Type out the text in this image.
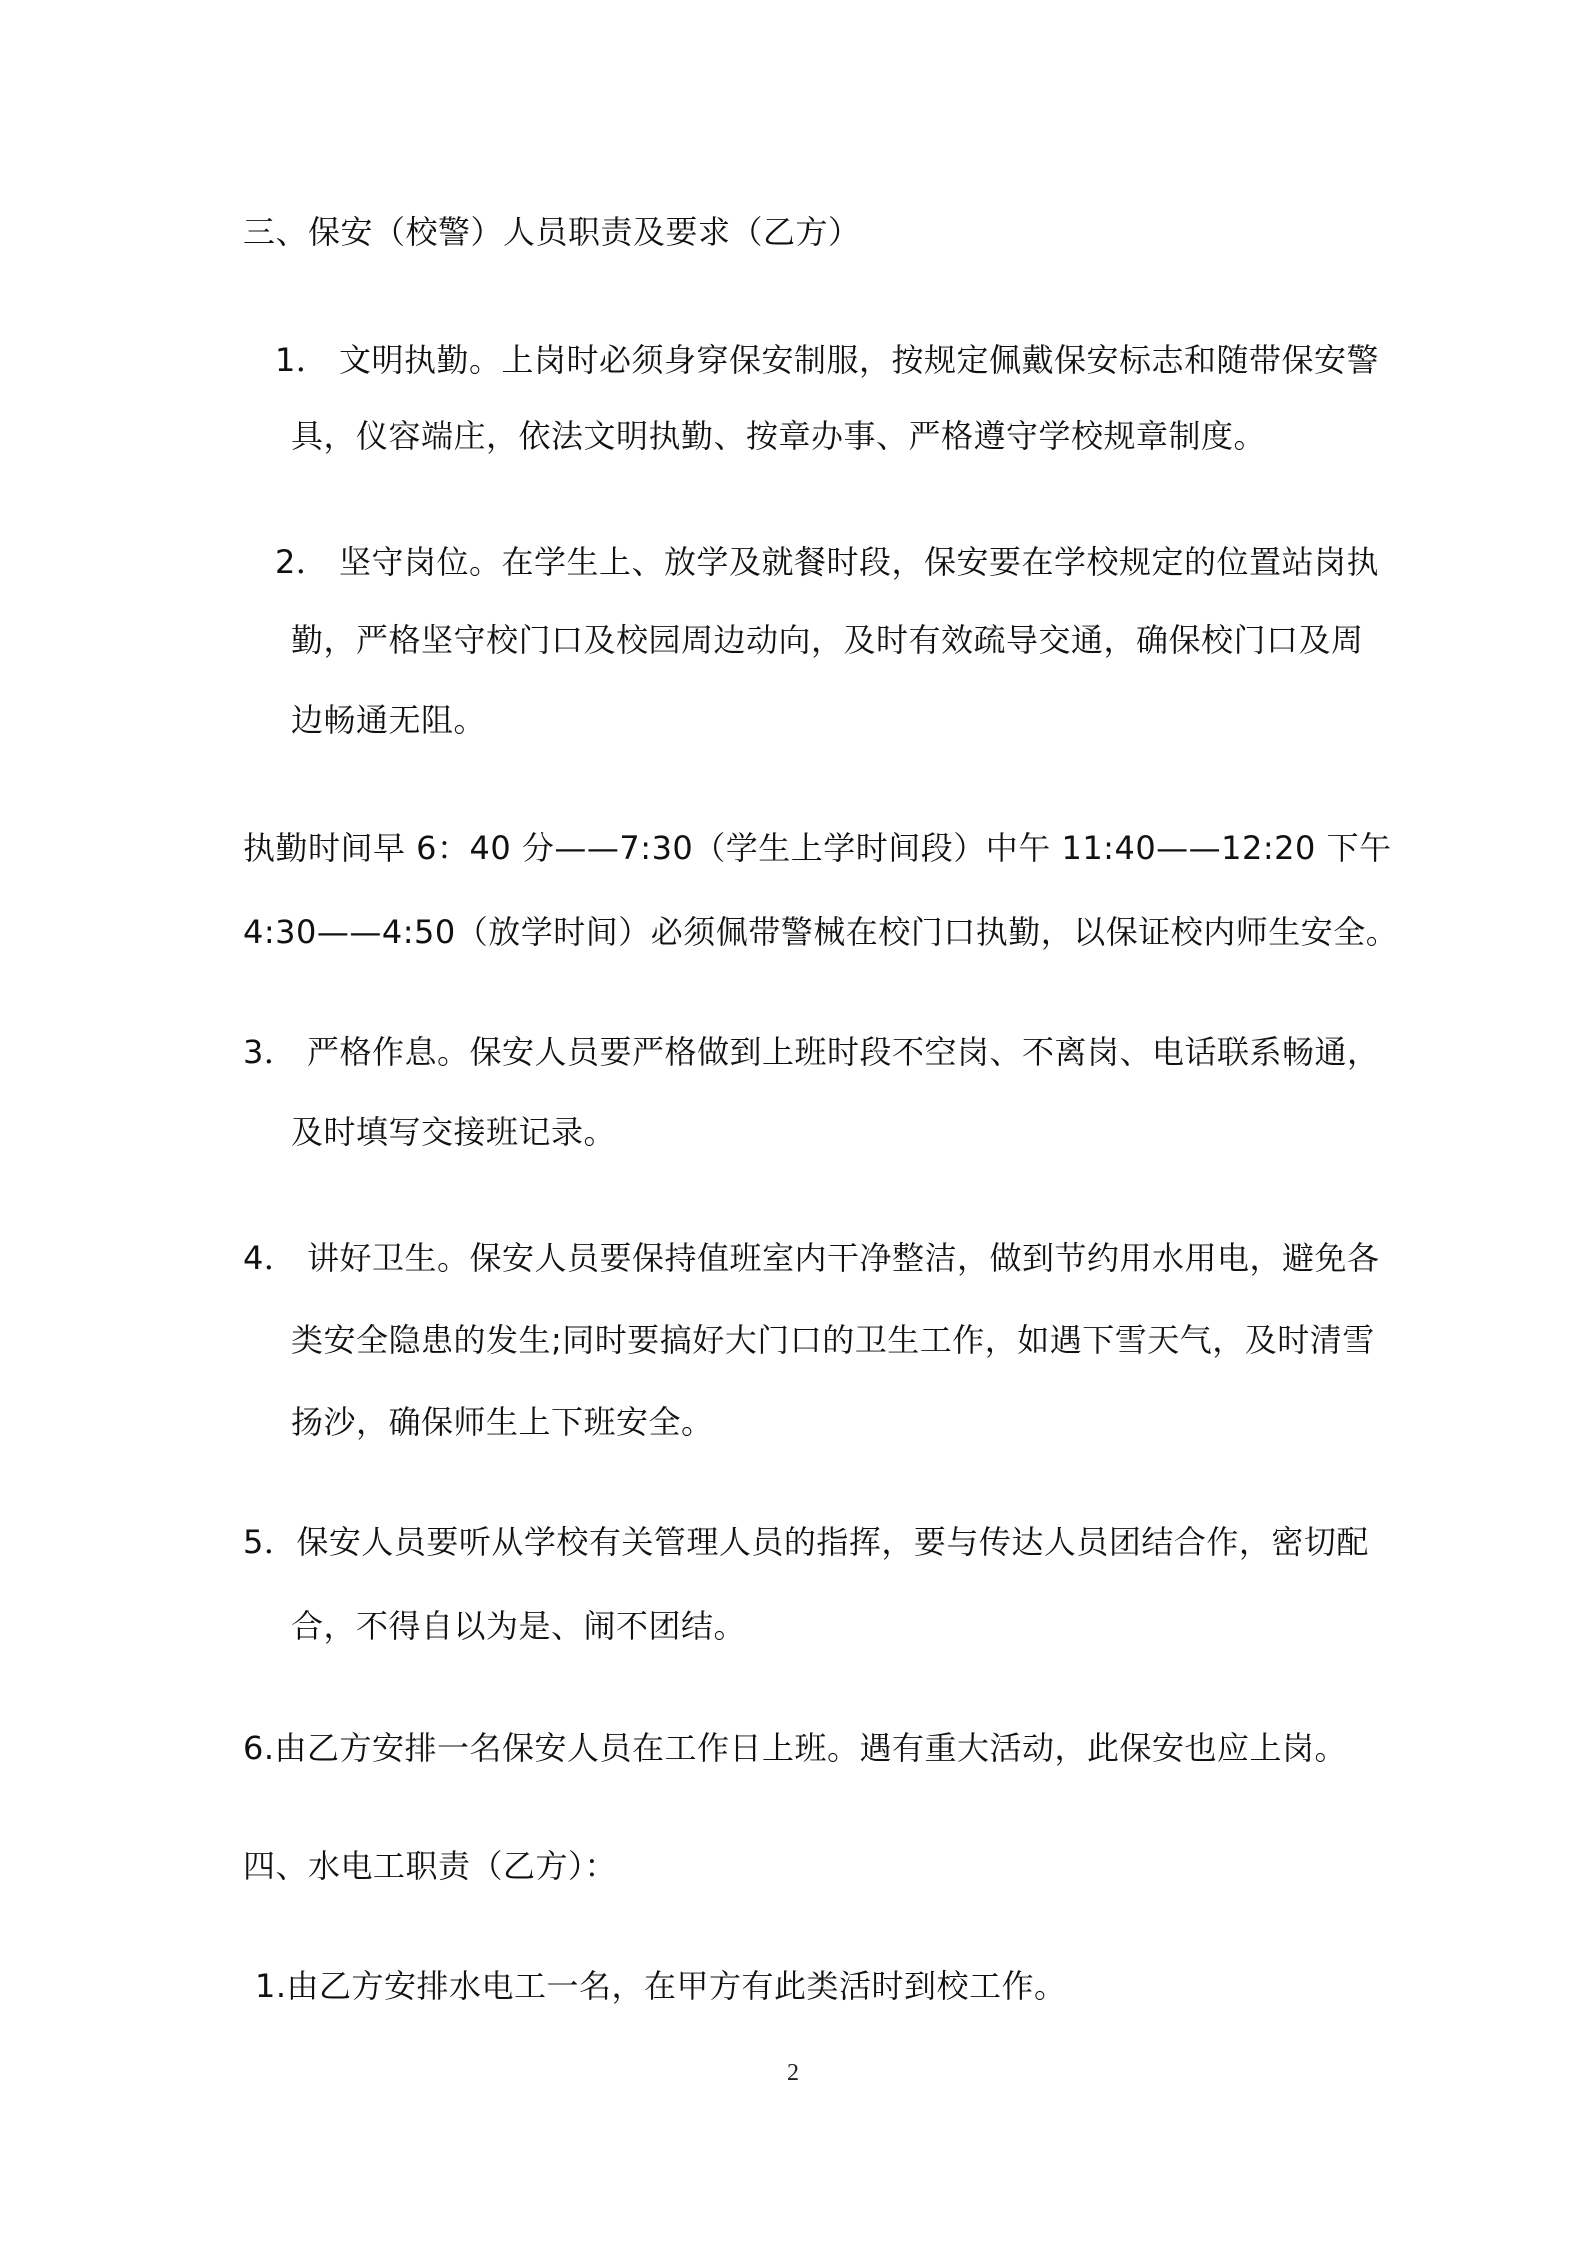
三、保安（校警）人员职责及要求（乙方）
1． 文明执勤。上岗时必须身穿保安制服，按规定佩戴保安标志和随带保安警
具，仪容端庄，依法文明执勤、按章办事、严格遵守学校规章制度。
2． 坚守岗位。在学生上、放学及就餐时段，保安要在学校规定的位置站岗执
勤，严格坚守校门口及校园周边动向，及时有效疏导交通，确保校门口及周
边畅通无阻。
执勤时间早 6：40 分——7:30（学生上学时间段）中午 11:40——12:20 下午
4:30——4:50（放学时间）必须佩带警械在校门口执勤，以保证校内师生安全。
3． 严格作息。保安人员要严格做到上班时段不空岗、不离岗、电话联系畅通，
及时填写交接班记录。
4． 讲好卫生。保安人员要保持值班室内干净整洁，做到节约用水用电，避免各
类安全隐患的发生;同时要搞好大门口的卫生工作，如遇下雪天气，及时清雪
扬沙，确保师生上下班安全。
5．保安人员要听从学校有关管理人员的指挥，要与传达人员团结合作，密切配
合，不得自以为是、闹不团结。
6.由乙方安排一名保安人员在工作日上班。遇有重大活动，此保安也应上岗。
四、水电工职责（乙方）：
1.由乙方安排水电工一名，在甲方有此类活时到校工作。
2
